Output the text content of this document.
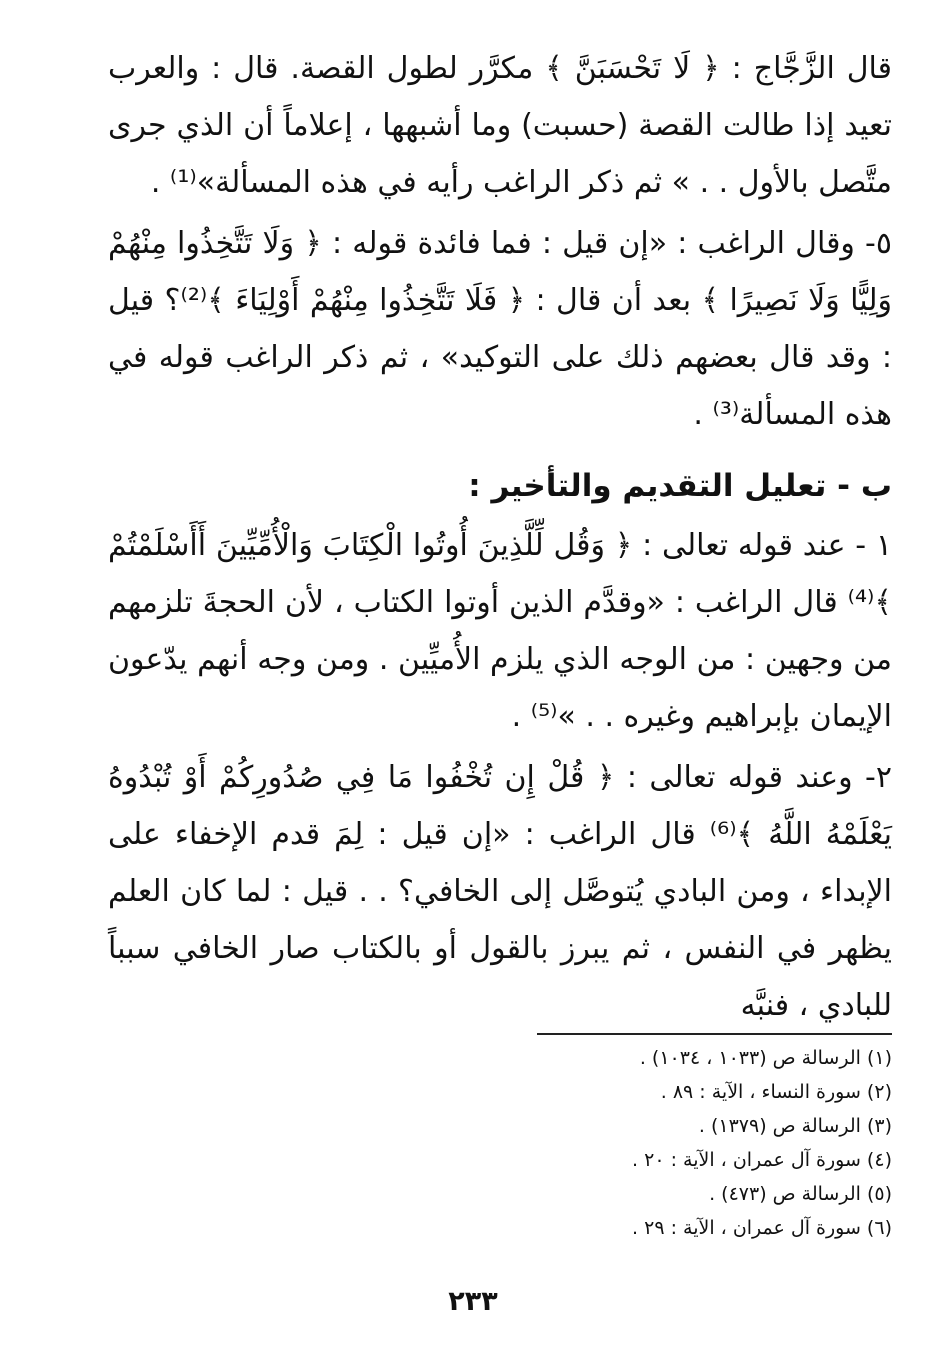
قال الزَّجَّاج : ﴿ لَا تَحْسَبَنَّ ﴾ مكرَّر لطول القصة. قال : والعرب تعيد إذا طالت القصة (حسبت) وما أشبهها ، إعلاماً أن الذي جرى متَّصل بالأول . . » ثم ذكر الراغب رأيه في هذه المسألة»⁽¹⁾ .

٥- وقال الراغب : «إن قيل : فما فائدة قوله : ﴿ وَلَا تَتَّخِذُوا مِنْهُمْ وَلِيًّا وَلَا نَصِيرًا ﴾ بعد أن قال : ﴿ فَلَا تَتَّخِذُوا مِنْهُمْ أَوْلِيَاءَ ﴾⁽²⁾؟ قيل : وقد قال بعضهم ذلك على التوكيد» ، ثم ذكر الراغب قوله في هذه المسألة⁽³⁾ .

ب - تعليل التقديم والتأخير :

١ - عند قوله تعالى : ﴿ وَقُل لِّلَّذِينَ أُوتُوا الْكِتَابَ وَالْأُمِّيِّينَ أَأَسْلَمْتُمْ ﴾⁽⁴⁾ قال الراغب : «وقدَّم الذين أوتوا الكتاب ، لأن الحجةَ تلزمهم من وجهين : من الوجه الذي يلزم الأُميِّين . ومن وجه أنهم يدّعون الإيمان بإبراهيم وغيره . . »⁽⁵⁾ .

٢- وعند قوله تعالى : ﴿ قُلْ إِن تُخْفُوا مَا فِي صُدُورِكُمْ أَوْ تُبْدُوهُ يَعْلَمْهُ اللَّهُ ﴾⁽⁶⁾ قال الراغب : «إن قيل : لِمَ قدم الإخفاء على الإبداء ، ومن البادي يُتوصَّل إلى الخافي؟ . . قيل : لما كان العلم يظهر في النفس ، ثم يبرز بالقول أو بالكتاب صار الخافي سبباً للبادي ، فنبَّه

(١) الرسالة ص (١٠٣٣ ، ١٠٣٤) .

(٢) سورة النساء ، الآية : ٨٩ .

(٣) الرسالة ص (١٣٧٩) .

(٤) سورة آل عمران ، الآية : ٢٠ .

(٥) الرسالة ص (٤٧٣) .

(٦) سورة آل عمران ، الآية : ٢٩ .

٢٣٣
